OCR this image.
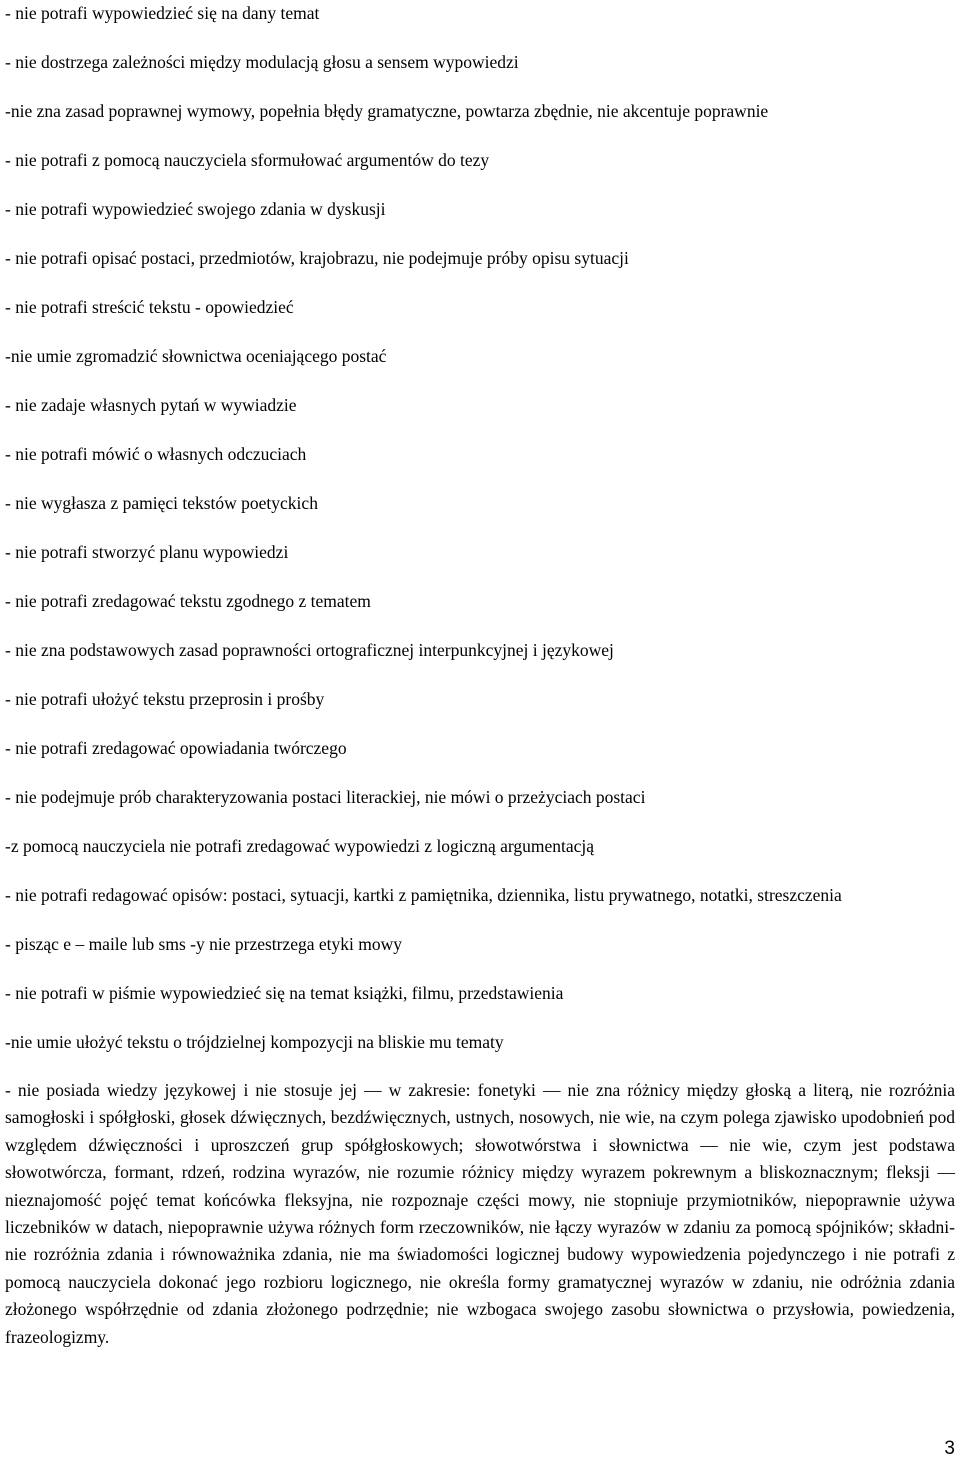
- nie potrafi wypowiedzieć się na dany temat

- nie dostrzega zależności między modulacją głosu a sensem wypowiedzi

-nie zna zasad poprawnej wymowy, popełnia błędy gramatyczne, powtarza zbędnie, nie akcentuje poprawnie

- nie potrafi z pomocą nauczyciela sformułować argumentów do tezy

- nie potrafi wypowiedzieć swojego zdania w dyskusji

- nie potrafi opisać postaci, przedmiotów, krajobrazu, nie podejmuje próby opisu sytuacji

- nie potrafi streścić tekstu - opowiedzieć

-nie umie zgromadzić słownictwa oceniającego postać

- nie zadaje własnych pytań w wywiadzie

- nie potrafi mówić o własnych odczuciach

- nie wygłasza z pamięci tekstów poetyckich

- nie potrafi stworzyć planu wypowiedzi

- nie potrafi zredagować tekstu zgodnego z tematem

- nie zna podstawowych zasad poprawności ortograficznej interpunkcyjnej i językowej

- nie potrafi ułożyć tekstu przeprosin i prośby

- nie potrafi zredagować opowiadania twórczego

- nie podejmuje prób charakteryzowania postaci literackiej, nie mówi o przeżyciach postaci

-z pomocą nauczyciela nie potrafi zredagować wypowiedzi z logiczną argumentacją

- nie potrafi redagować opisów: postaci, sytuacji, kartki z pamiętnika, dziennika, listu prywatnego, notatki, streszczenia

- pisząc e – maile lub sms -y nie przestrzega etyki mowy

- nie potrafi w piśmie wypowiedzieć się na temat książki, filmu, przedstawienia

-nie umie ułożyć tekstu o trójdzielnej kompozycji na bliskie mu tematy

- nie posiada wiedzy językowej i nie stosuje jej — w zakresie: fonetyki — nie zna różnicy między głoską a literą, nie rozróżnia samogłoski i spółgłoski, głosek dźwięcznych, bezdźwięcznych, ustnych, nosowych, nie wie, na czym polega zjawisko upodobnień pod względem dźwięczności i uproszczeń grup spółgłoskowych; słowotwórstwa i słownictwa — nie wie, czym jest podstawa słowotwórcza, formant, rdzeń, rodzina wyrazów, nie rozumie różnicy między wyrazem pokrewnym a bliskoznacznym; fleksji — nieznajomość pojęć temat końcówka fleksyjna, nie rozpoznaje części mowy, nie stopniuje przymiotników, niepoprawnie używa liczebników w datach, niepoprawnie używa różnych form rzeczowników, nie łączy wyrazów w zdaniu za pomocą spójników; składni- nie rozróżnia zdania i równoważnika zdania, nie ma świadomości logicznej budowy wypowiedzenia pojedynczego i nie potrafi z pomocą nauczyciela dokonać jego rozbioru logicznego, nie określa formy gramatycznej wyrazów w zdaniu, nie odróżnia zdania złożonego współrzędnie od zdania złożonego podrzędnie; nie wzbogaca swojego zasobu słownictwa o przysłowia, powiedzenia, frazeologizmy.

3
